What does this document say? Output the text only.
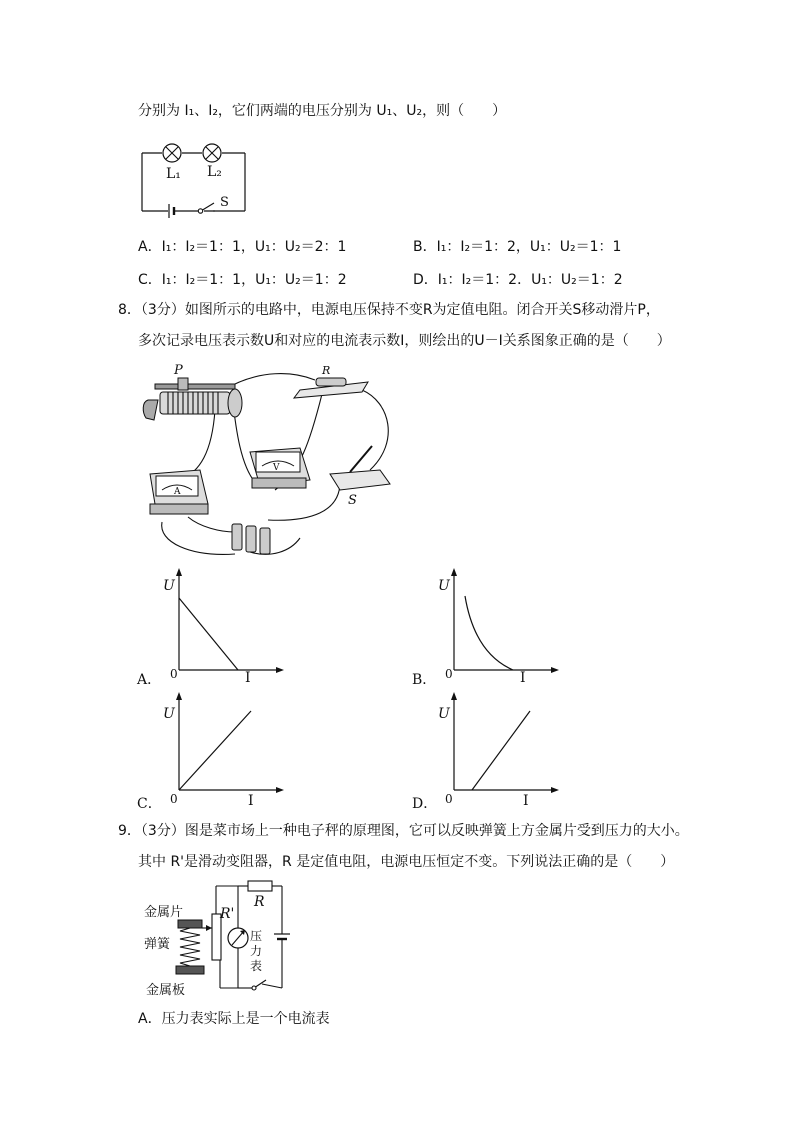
分别为 I₁、I₂，它们两端的电压分别为 U₁、U₂，则（　　）
L₁ L₂
S
A．I₁：I₂＝1：1，U₁：U₂＝2：1	B．I₁：I₂＝1：2，U₁：U₂＝1：1
C．I₁：I₂＝1：1，U₁：U₂＝1：2	D．I₁：I₂＝1：2．U₁：U₂＝1：2
8．（3分）如图所示的电路中，电源电压保持不变R为定值电阻。闭合开关S移动滑片P，
多次记录电压表示数U和对应的电流表示数I，则绘出的U－I关系图象正确的是（　　）
P	R
V
A
S
U
0	I
A．
U
0	I
B．
U
0	I
C．
U
0	I
D．
9．（3分）图是菜市场上一种电子秤的原理图，它可以反映弹簧上方金属片受到压力的大小。
其中 R'是滑动变阻器，R 是定值电阻，电源电压恒定不变。下列说法正确的是（　　）
R
R'
压
力
表
金属片
弹簧
金属板
A．压力表实际上是一个电流表
